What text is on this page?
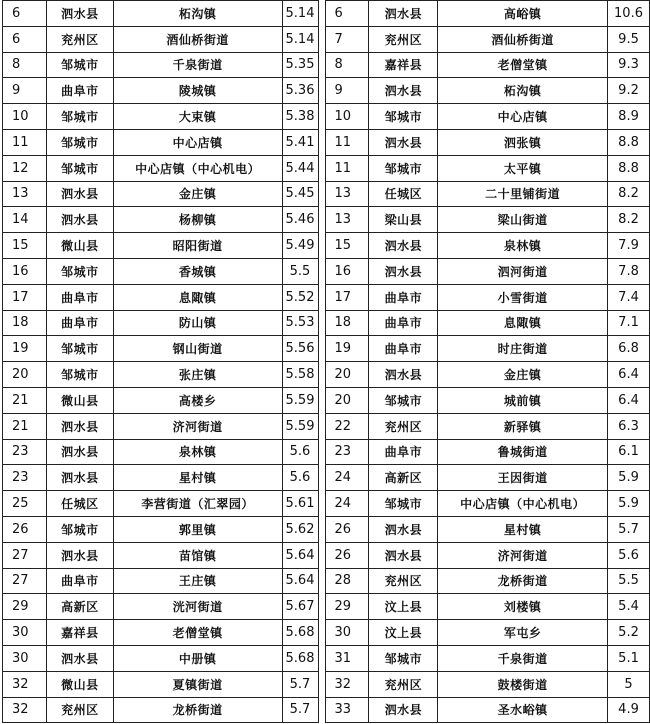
6	泗水县	柘沟镇	5.14
6	兖州区	酒仙桥街道	5.14
8	邹城市	千泉街道	5.35
9	曲阜市	陵城镇	5.36
10	邹城市	大束镇	5.38
11	邹城市	中心店镇	5.41
12	邹城市	中心店镇（中心机电）	5.44
13	泗水县	金庄镇	5.45
14	泗水县	杨柳镇	5.46
15	微山县	昭阳街道	5.49
16	邹城市	香城镇	5.5
17	曲阜市	息陬镇	5.52
18	曲阜市	防山镇	5.53
19	邹城市	钢山街道	5.56
20	邹城市	张庄镇	5.58
21	微山县	高楼乡	5.59
21	泗水县	济河街道	5.59
23	泗水县	泉林镇	5.6
23	泗水县	星村镇	5.6
25	任城区	李营街道（汇翠园）	5.61
26	邹城市	郭里镇	5.62
27	泗水县	苗馆镇	5.64
27	曲阜市	王庄镇	5.64
29	高新区	洸河街道	5.67
30	嘉祥县	老僧堂镇	5.68
30	泗水县	中册镇	5.68
32	微山县	夏镇街道	5.7
32	兖州区	龙桥街道	5.7
6	泗水县	高峪镇	10.6
7	兖州区	酒仙桥街道	9.5
8	嘉祥县	老僧堂镇	9.3
9	泗水县	柘沟镇	9.2
10	邹城市	中心店镇	8.9
11	泗水县	泗张镇	8.8
11	邹城市	太平镇	8.8
13	任城区	二十里铺街道	8.2
13	梁山县	梁山街道	8.2
15	泗水县	泉林镇	7.9
16	泗水县	泗河街道	7.8
17	曲阜市	小雪街道	7.4
18	曲阜市	息陬镇	7.1
19	曲阜市	时庄街道	6.8
20	泗水县	金庄镇	6.4
20	邹城市	城前镇	6.4
22	兖州区	新驿镇	6.3
23	曲阜市	鲁城街道	6.1
24	高新区	王因街道	5.9
24	邹城市	中心店镇（中心机电）	5.9
26	泗水县	星村镇	5.7
26	泗水县	济河街道	5.6
28	兖州区	龙桥街道	5.5
29	汶上县	刘楼镇	5.4
30	汶上县	军屯乡	5.2
31	邹城市	千泉街道	5.1
32	兖州区	鼓楼街道	5
33	泗水县	圣水峪镇	4.9
